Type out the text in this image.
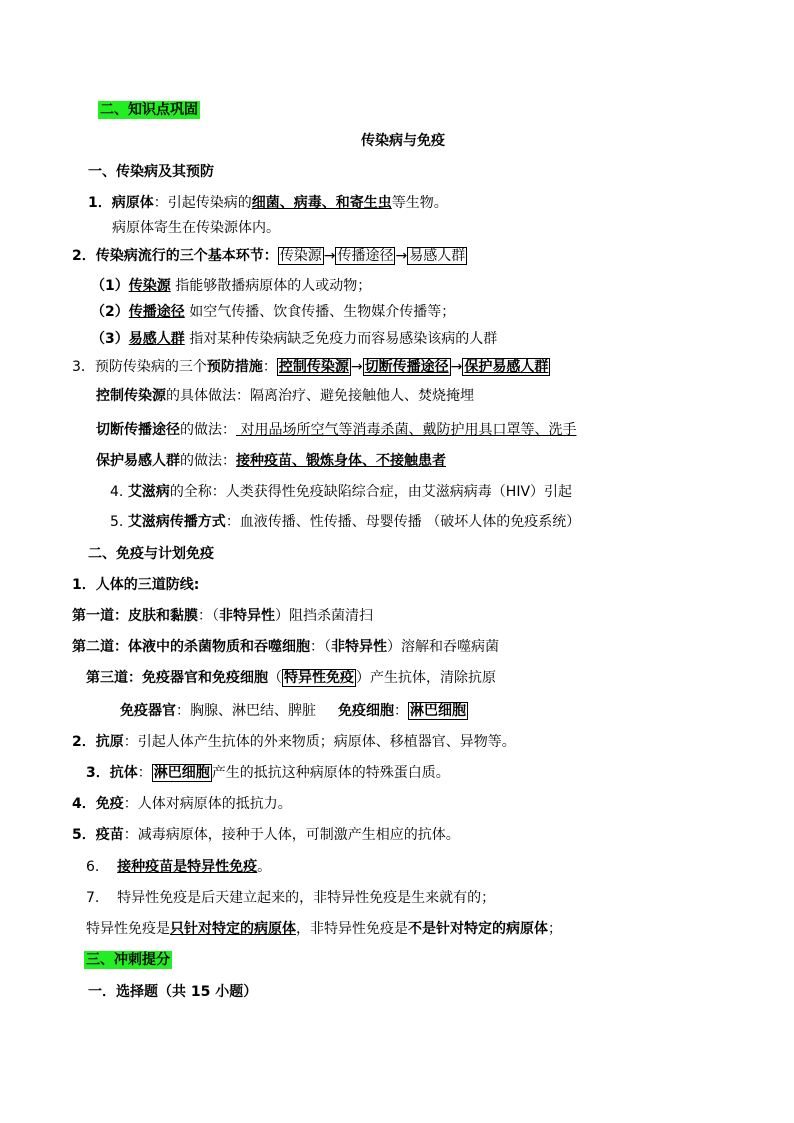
二、知识点巩固
传染病与免疫
一、传染病及其预防
1．病原体：引起传染病的细菌、病毒、和寄生虫等生物。
病原体寄生在传染源体内。
2．传染病流行的三个基本环节： 传染源 → 传播途径 → 易感人群
（1）传染源 指能够散播病原体的人或动物；
（2）传播途径 如空气传播、饮食传播、生物媒介传播等；
（3）易感人群 指对某种传染病缺乏免疫力而容易感染该病的人群
3．预防传染病的三个预防措施： 控制传染源 → 切断传播途径 → 保护易感人群
控制传染源的具体做法：隔离治疗、避免接触他人、焚烧掩埋
切断传播途径的做法： 对用品场所空气等消毒杀菌、戴防护用具口罩等、洗手
保护易感人群的做法：接种疫苗、锻炼身体、不接触患者
4. 艾滋病的全称：人类获得性免疫缺陷综合症，由艾滋病病毒（HIV）引起
5. 艾滋病传播方式：血液传播、性传播、母婴传播 （破坏人体的免疫系统）
二、免疫与计划免疫
1．人体的三道防线:
第一道：皮肤和黏膜：（非特异性）阻挡杀菌清扫
第二道：体液中的杀菌物质和吞噬细胞：（非特异性）溶解和吞噬病菌
第三道：免疫器官和免疫细胞（ 特异性免疫 ）产生抗体，清除抗原
免疫器官：胸腺、淋巴结、脾脏 免疫细胞： 淋巴细胞
2．抗原：引起人体产生抗体的外来物质；病原体、移植器官、异物等。
3．抗体： 淋巴细胞 产生的抵抗这种病原体的特殊蛋白质。
4．免疫：人体对病原体的抵抗力。
5．疫苗：减毒病原体，接种于人体，可制激产生相应的抗体。
6. 接种疫苗是特异性免疫。
7. 特异性免疫是后天建立起来的，非特异性免疫是生来就有的；
特异性免疫是只针对特定的病原体，非特异性免疫是不是针对特定的病原体；
三、冲刺提分
一．选择题（共 15 小题）
